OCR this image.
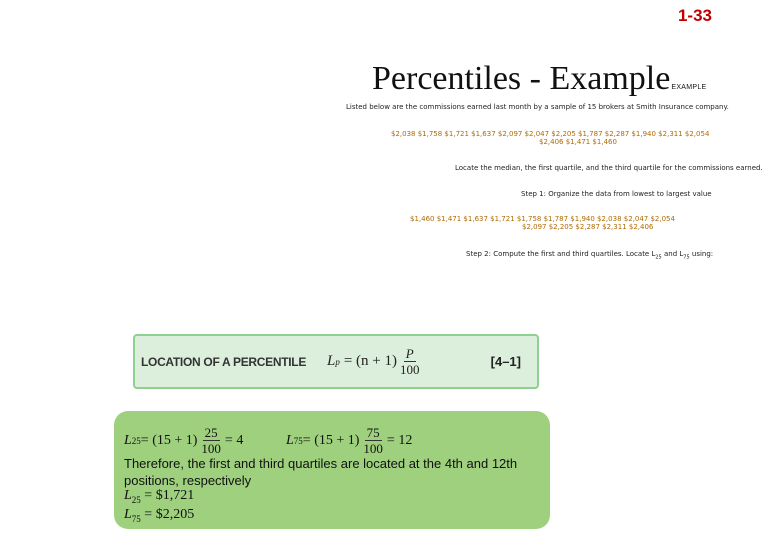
1-33
Percentiles - ExampleEXAMPLE
Listed below are the commissions earned last month by a sample of 15 brokers at Smith Insurance company.
$2,038 $1,758 $1,721 $1,637 $2,097 $2,047 $2,205 $1,787 $2,287 $1,940 $2,311 $2,054
$2,406 $1,471 $1,460
Locate the median, the first quartile, and the third quartile for the commissions earned.
Step 1: Organize the data from lowest to largest value
$1,460 $1,471 $1,637 $1,721 $1,758 $1,787 $1,940 $2,038 $2,047 $2,054
$2,097 $2,205 $2,287 $2,311 $2,406
Step 2: Compute the first and third quartiles. Locate $L_{25}$ and $L_{75}$ using:
LOCATION OF A PERCENTILE L $p = (n + 1) \frac{P}{100}$	[4–1]
L $25 = (15 + 1) \frac{25}{100} = 4$	L $75 = (15 + 1) \frac{75}{100} = 12$
Therefore, the first and third quartiles are located at the 4th and 12th positions, respectively
$L_{25}$ = $1,721
$L_{75}$ = $2,205
